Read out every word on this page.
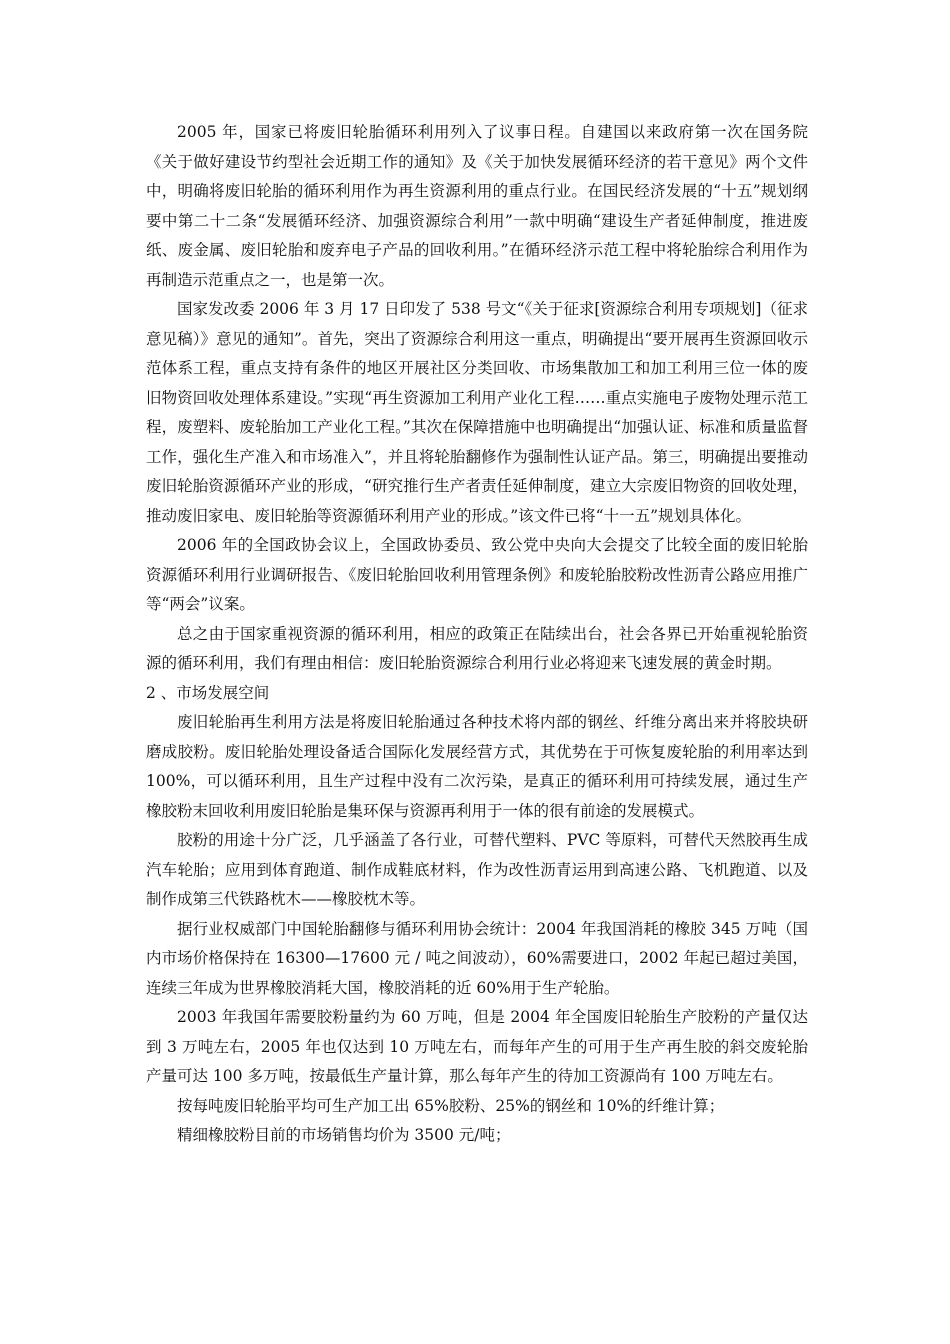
2005 年，国家已将废旧轮胎循环利用列入了议事日程。自建国以来政府第一次在国务院《关于做好建设节约型社会近期工作的通知》及《关于加快发展循环经济的若干意见》两个文件中，明确将废旧轮胎的循环利用作为再生资源利用的重点行业。在国民经济发展的“十五”规划纲要中第二十二条“发展循环经济、加强资源综合利用”一款中明确“建设生产者延伸制度，推进废纸、废金属、废旧轮胎和废弃电子产品的回收利用。”在循环经济示范工程中将轮胎综合利用作为再制造示范重点之一，也是第一次。

国家发改委 2006 年 3 月 17 日印发了 538 号文“《关于征求[资源综合利用专项规划]（征求意见稿）》意见的通知”。首先，突出了资源综合利用这一重点，明确提出“要开展再生资源回收示范体系工程，重点支持有条件的地区开展社区分类回收、市场集散加工和加工利用三位一体的废旧物资回收处理体系建设。”实现“再生资源加工利用产业化工程……重点实施电子废物处理示范工程，废塑料、废轮胎加工产业化工程。”其次在保障措施中也明确提出“加强认证、标准和质量监督工作，强化生产准入和市场准入”，并且将轮胎翻修作为强制性认证产品。第三，明确提出要推动废旧轮胎资源循环产业的形成，“研究推行生产者责任延伸制度，建立大宗废旧物资的回收处理，推动废旧家电、废旧轮胎等资源循环利用产业的形成。”该文件已将“十一五”规划具体化。

2006 年的全国政协会议上，全国政协委员、致公党中央向大会提交了比较全面的废旧轮胎资源循环利用行业调研报告、《废旧轮胎回收利用管理条例》和废轮胎胶粉改性沥青公路应用推广等“两会”议案。

总之由于国家重视资源的循环利用，相应的政策正在陆续出台，社会各界已开始重视轮胎资源的循环利用，我们有理由相信：废旧轮胎资源综合利用行业必将迎来飞速发展的黄金时期。

2 、市场发展空间

废旧轮胎再生利用方法是将废旧轮胎通过各种技术将内部的钢丝、纤维分离出来并将胶块研磨成胶粉。废旧轮胎处理设备适合国际化发展经营方式，其优势在于可恢复废轮胎的利用率达到 100%，可以循环利用，且生产过程中没有二次污染，是真正的循环利用可持续发展，通过生产橡胶粉末回收利用废旧轮胎是集环保与资源再利用于一体的很有前途的发展模式。

胶粉的用途十分广泛，几乎涵盖了各行业，可替代塑料、PVC 等原料，可替代天然胶再生成汽车轮胎；应用到体育跑道、制作成鞋底材料，作为改性沥青运用到高速公路、飞机跑道、以及制作成第三代铁路枕木——橡胶枕木等。

据行业权威部门中国轮胎翻修与循环利用协会统计：2004 年我国消耗的橡胶 345 万吨（国内市场价格保持在 16300—17600 元 / 吨之间波动），60%需要进口，2002 年起已超过美国，连续三年成为世界橡胶消耗大国，橡胶消耗的近 60%用于生产轮胎。

2003 年我国年需要胶粉量约为 60 万吨，但是 2004 年全国废旧轮胎生产胶粉的产量仅达到 3 万吨左右，2005 年也仅达到 10 万吨左右，而每年产生的可用于生产再生胶的斜交废轮胎产量可达 100 多万吨，按最低生产量计算，那么每年产生的待加工资源尚有 100 万吨左右。

按每吨废旧轮胎平均可生产加工出 65%胶粉、25%的钢丝和 10%的纤维计算；

精细橡胶粉目前的市场销售均价为 3500 元/吨；
